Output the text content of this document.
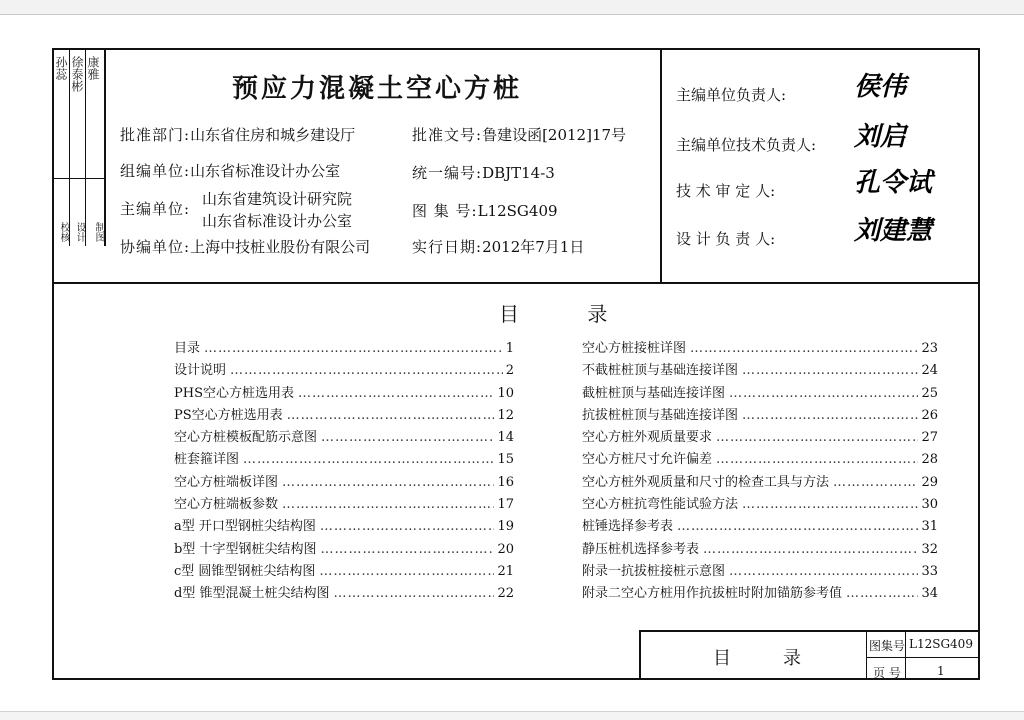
孙蕊
校核
徐泰彬
设计
康雅
制图
预应力混凝土空心方桩
批准部门:山东省住房和城乡建设厅
组编单位:山东省标准设计办公室
主编单位:
山东省建筑设计研究院
山东省标准设计办公室
协编单位:上海中技桩业股份有限公司
批准文号:鲁建设函[2012]17号
统一编号:DBJT14-3
图 集 号:L12SG409
实行日期:2012年7月1日
主编单位负责人:	侯伟
主编单位技术负责人: 刘启
技 术 审 定 人:	孔令试
设 计 负 责 人:	刘建慧
目	录
目录 …………………………………………………………………………………………	1
设计说明 …………………………………………………………………………………………	2
PHS空心方桩选用表 …………………………………………………………………………………………	10
PS空心方桩选用表 …………………………………………………………………………………………	12
空心方桩模板配筋示意图 …………………………………………………………………………………………	14
桩套箍详图 …………………………………………………………………………………………	15
空心方桩端板详图 …………………………………………………………………………………………	16
空心方桩端板参数 …………………………………………………………………………………………	17
a型 开口型钢桩尖结构图 …………………………………………………………………………………………	19
b型 十字型钢桩尖结构图 …………………………………………………………………………………………	20
c型 圆锥型钢桩尖结构图 …………………………………………………………………………………………	21
d型 锥型混凝土桩尖结构图 …………………………………………………………………………………………	22
空心方桩接桩详图 …………………………………………………………………………………………	23
不截桩桩顶与基础连接详图 …………………………………………………………………………………………	24
截桩桩顶与基础连接详图 …………………………………………………………………………………………	25
抗拔桩桩顶与基础连接详图 …………………………………………………………………………………………	26
空心方桩外观质量要求 …………………………………………………………………………………………	27
空心方桩尺寸允许偏差 …………………………………………………………………………………………	28
空心方桩外观质量和尺寸的检查工具与方法 …………………………………………………………………………………………	29
空心方桩抗弯性能试验方法 …………………………………………………………………………………………	30
桩锤选择参考表 …………………………………………………………………………………………	31
静压桩机选择参考表 …………………………………………………………………………………………	32
附录一抗拔桩接桩示意图 …………………………………………………………………………………………	33
附录二空心方桩用作抗拔桩时附加锚筋参考值 …………………………………………………………………………………………	34
目	录
图集号 L12SG409
页 号	1
